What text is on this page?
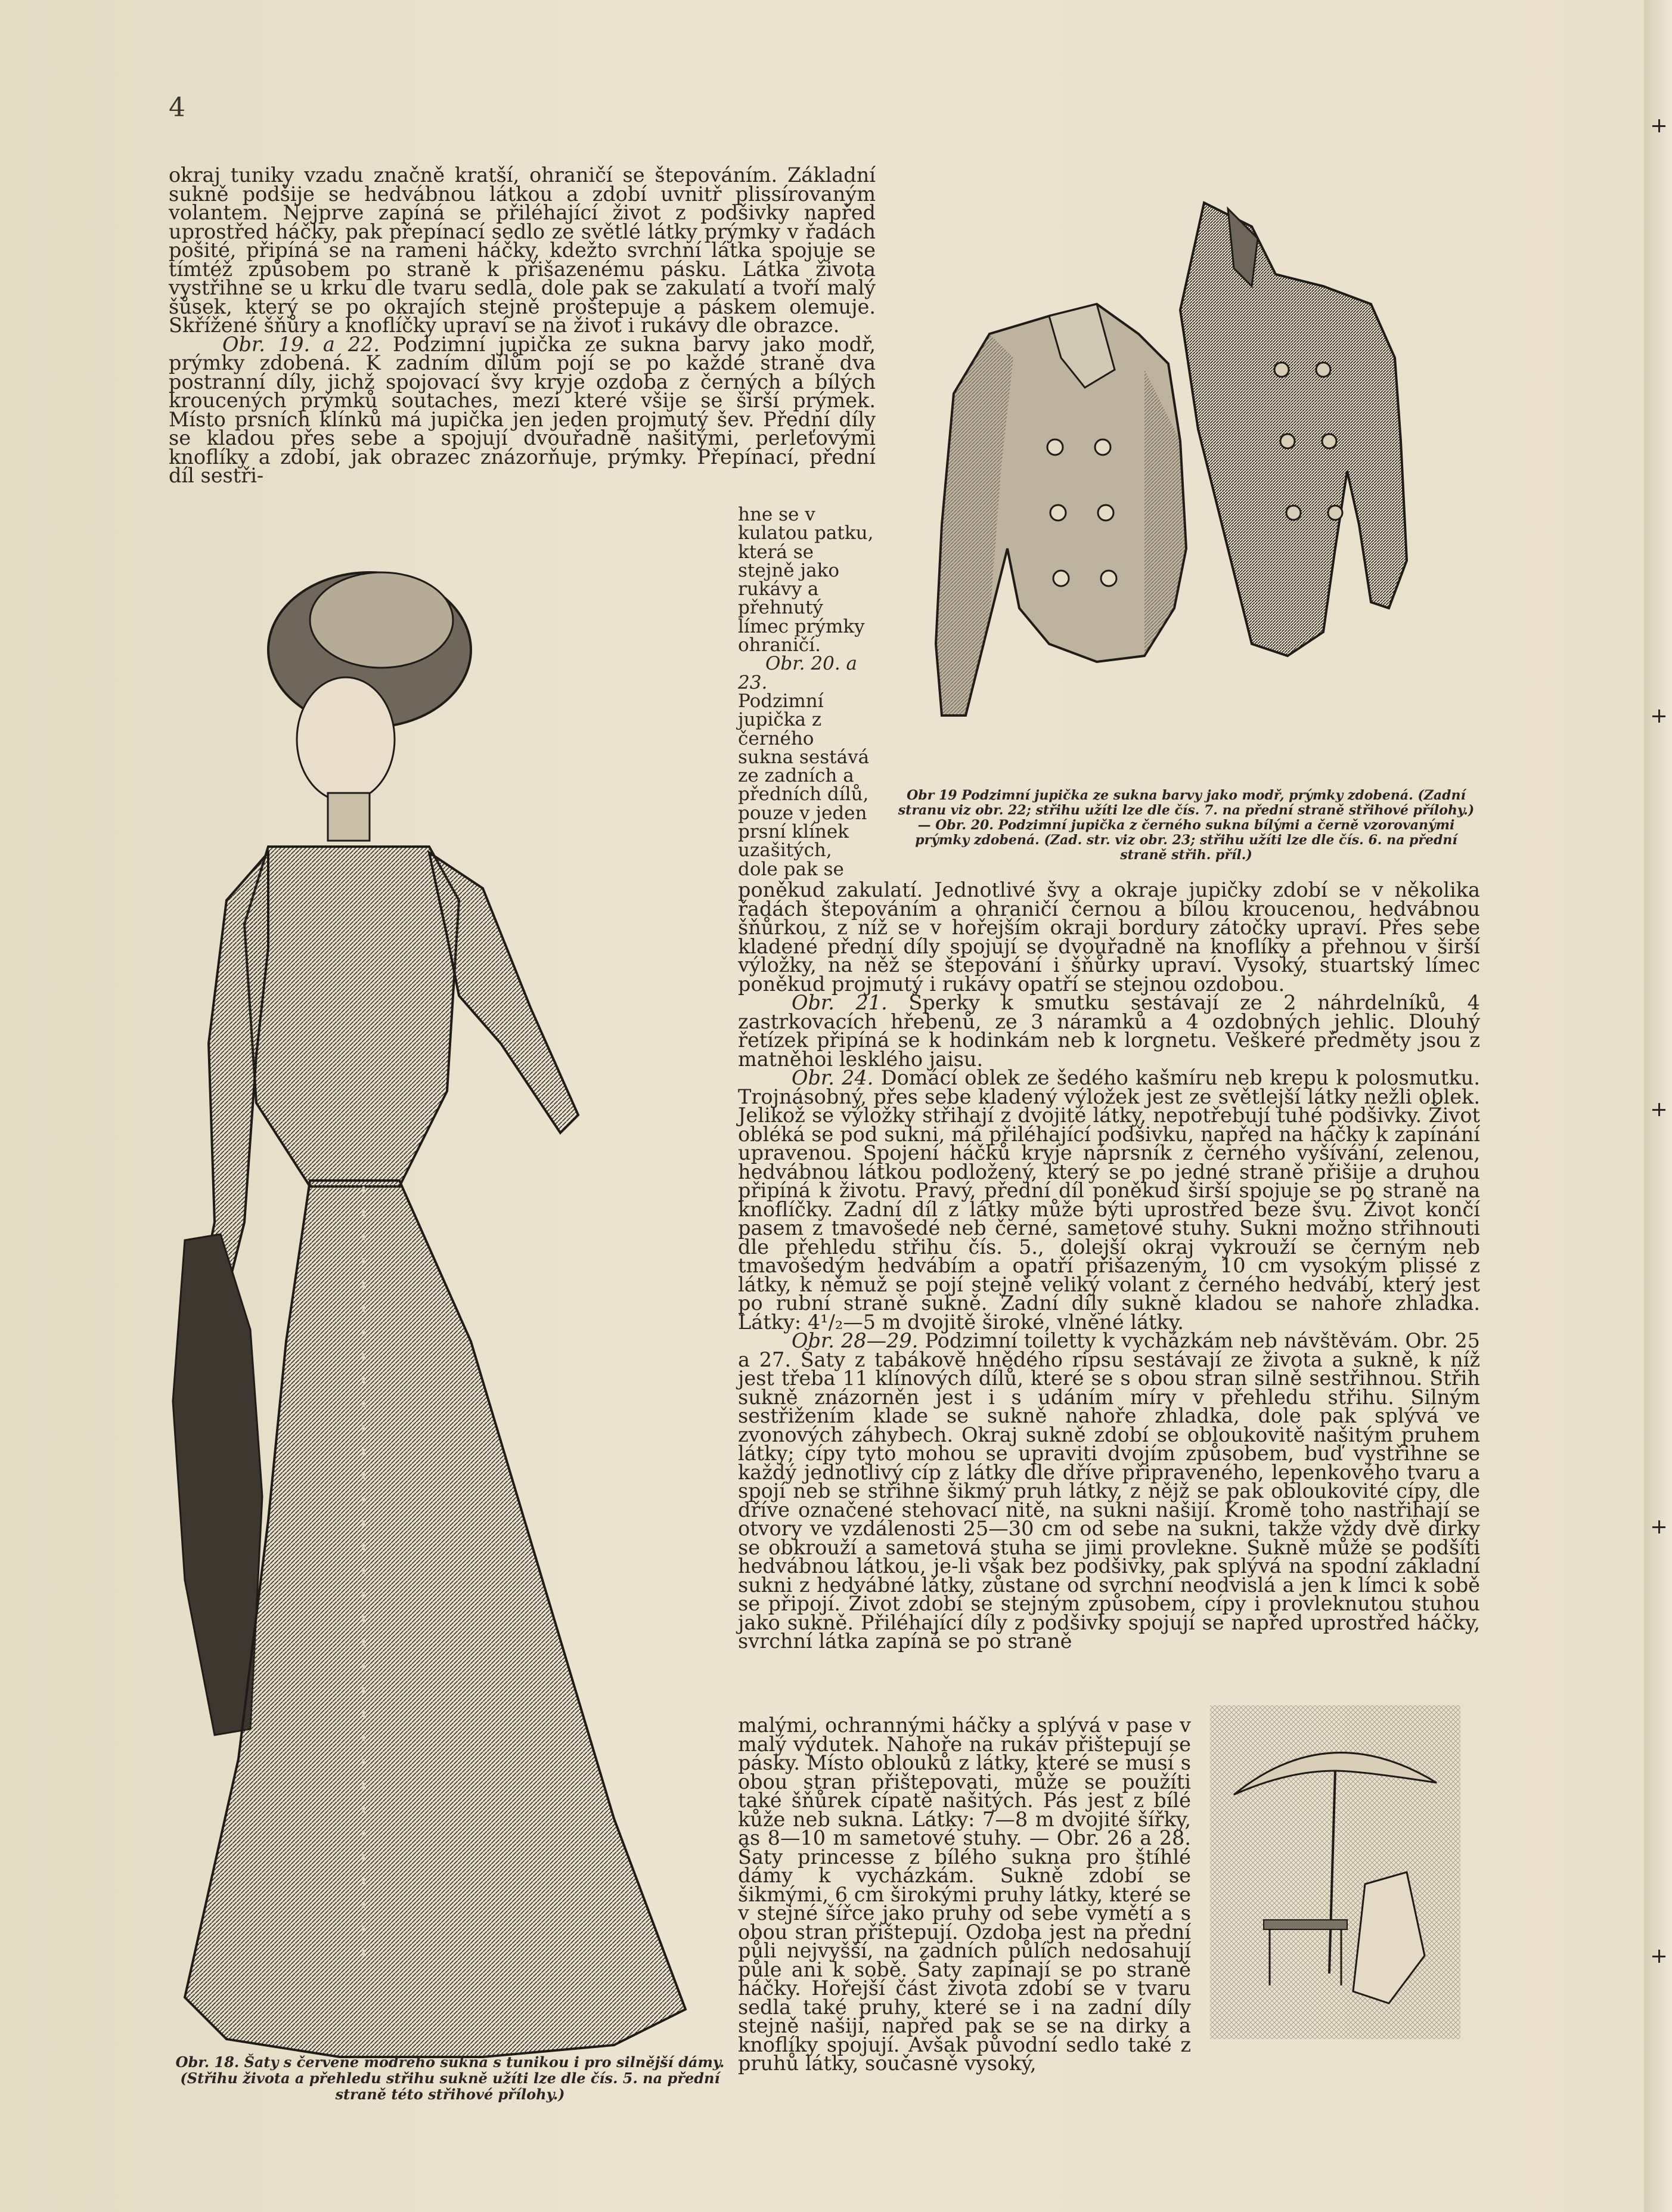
4

okraj tuniky vzadu značně kratší, ohraničí se štepováním. Základní sukně podšije se hedvábnou látkou a zdobí uvnitř plissírovaným volantem. Nejprve zapíná se přiléhající život z podšivky napřed uprostřed háčky, pak přepínací sedlo ze světlé látky prýmky v řadách pošité, připíná se na rameni háčky, kdežto svrchní látka spojuje se tímtéž způsobem po straně k přišazenému pásku. Látka života vystřihne se u krku dle tvaru sedla, dole pak se zakulatí a tvoří malý šůsek, který se po okrajích stejně proštepuje a páskem olemuje. Skřížené šňůry a knoflíčky upraví se na život i rukávy dle obrazce.

Obr. 19. a 22. Podzimní jupička ze sukna barvy jako modř, prýmky zdobená. K zadním dílům pojí se po každé straně dva postranní díly, jichž spojovací švy kryje ozdoba z černých a bílých kroucených prýmků soutaches, mezi které všije se širší prýmek. Místo prsních klínků má jupička jen jeden projmutý šev. Přední díly se kladou přes sebe a spojují dvouřadně našitými, perleťovými knoflíky a zdobí, jak obrazec znázorňuje, prýmky. Přepínací, přední díl sestři-

hne se v kulatou patku, která se stejně jako rukávy a přehnutý límec prýmky ohraničí.

Obr. 20. a 23.

Podzimní jupička z černého sukna sestává ze zadních a předních dílů, pouze v jeden prsní klínek uzašitých, dole pak se

Obr 19 Podzimní jupička ze sukna barvy jako modř, prýmky zdobená. (Zadní stranu viz obr. 22; střihu užíti lze dle čís. 7. na přední straně střihové přílohy.) — Obr. 20. Podzimní jupička z černého sukna bílými a černě vzorovanými prýmky zdobená. (Zad. str. viz obr. 23; střihu užíti lze dle čís. 6. na přední straně střih. příl.)
Obr. 18. Šaty s červeně modrého sukna s tunikou i pro silnější dámy. (Střihu života a přehledu střihu sukně užíti lze dle čís. 5. na přední straně této střihové přílohy.)

poněkud zakulatí. Jednotlivé švy a okraje jupičky zdobí se v několika řadách štepováním a ohraničí černou a bílou kroucenou, hedvábnou šňůrkou, z níž se v hořejším okraji bordury zátočky upraví. Přes sebe kladené přední díly spojují se dvouřadně na knoflíky a přehnou v širší výložky, na něž se štepování i šňůrky upraví. Vysoký, stuartský límec poněkud projmutý i rukávy opatří se stejnou ozdobou.

Obr. 21. Šperky k smutku sestávají ze 2 náhrdelníků, 4 zastrkovacích hřebenů, ze 3 náramků a 4 ozdobných jehlic. Dlouhý řetízek připíná se k hodinkám neb k lorgnetu. Veškeré předměty jsou z matněhoi lesklého jaisu.

Obr. 24. Domácí oblek ze šedého kašmíru neb krepu k polosmutku. Trojnásobný, přes sebe kladený výložek jest ze světlejší látky nežli oblek. Jelikož se výložky střihají z dvojité látky, nepotřebují tuhé podšivky. Život obléká se pod sukni, má přiléhající podšivku, napřed na háčky k zapínání upravenou. Spojení háčků kryje náprsník z černého vyšívání, zelenou, hedvábnou látkou podložený, který se po jedné straně přišije a druhou připíná k životu. Pravý, přední díl poněkud širší spojuje se po straně na knoflíčky. Zadní díl z látky může býti uprostřed beze švu. Život končí pasem z tmavošedé neb černé, sametové stuhy. Sukni možno střihnouti dle přehledu střihu čís. 5., dolejší okraj vykrouží se černým neb tmavošedým hedvábím a opatří přišazeným, 10 cm vysokým plissé z látky, k němuž se pojí stejně veliký volant z černého hedvábí, který jest po rubní straně sukně. Zadní díly sukně kladou se nahoře zhladka. Látky: 4¹/₂—5 m dvojitě široké, vlněné látky.

Obr. 28—29. Podzimní toiletty k vycházkám neb návštěvám. Obr. 25 a 27. Šaty z tabákově hnědého ripsu sestávají ze života a sukně, k níž jest třeba 11 klínových dílů, které se s obou stran silně sestřihnou. Střih sukně znázorněn jest i s udáním míry v přehledu střihu. Silným sestřižením klade se sukně nahoře zhladka, dole pak splývá ve zvonových záhybech. Okraj sukně zdobí se obloukovitě našitým pruhem látky; cípy tyto mohou se upraviti dvojím způsobem, buď vystřihne se každý jednotlivý cíp z látky dle dříve připraveného, lepenkového tvaru a spojí neb se střihne šikmý pruh látky, z nějž se pak obloukovité cípy, dle dříve označené stehovací nitě, na sukni našijí. Kromě toho nastřihají se otvory ve vzdálenosti 25—30 cm od sebe na sukni, takže vždy dvě dirky se obkrouží a sametová stuha se jimi provlekne. Sukně může se podšíti hedvábnou látkou, je-li však bez podšivky, pak splývá na spodní základní sukni z hedvábné látky, zůstane od svrchní neodvislá a jen k límci k sobě se připojí. Život zdobí se stejným způsobem, cípy i provleknutou stuhou jako sukně. Přiléhající díly z podšivky spojují se napřed uprostřed háčky, svrchní látka zapíná se po straně

malými, ochrannými háčky a splývá v pase v malý výdutek. Nahoře na rukáv přištepují se pásky. Místo oblouků z látky, které se musí s obou stran přištepovati, může se použíti také šňůrek cípatě našitých. Pás jest z bílé kůže neb sukna. Látky: 7—8 m dvojité šířky, as 8—10 m sametové stuhy. — Obr. 26 a 28. Šaty princesse z bílého sukna pro štíhlé dámy k vycházkám. Sukně zdobí se šikmými, 6 cm širokými pruhy látky, které se v stejné šířce jako pruhy od sebe vymětí a s obou stran přištepují. Ozdoba jest na přední půli nejvyšší, na zadních půlích nedosahují půle ani k sobě. Šaty zapínají se po straně háčky. Hořejší část života zdobí se v tvaru sedla také pruhy, které se i na zadní díly stejně našijí, napřed pak se se na dirky a knoflíky spojují. Avšak původní sedlo také z pruhů látky, současně vysoký,
